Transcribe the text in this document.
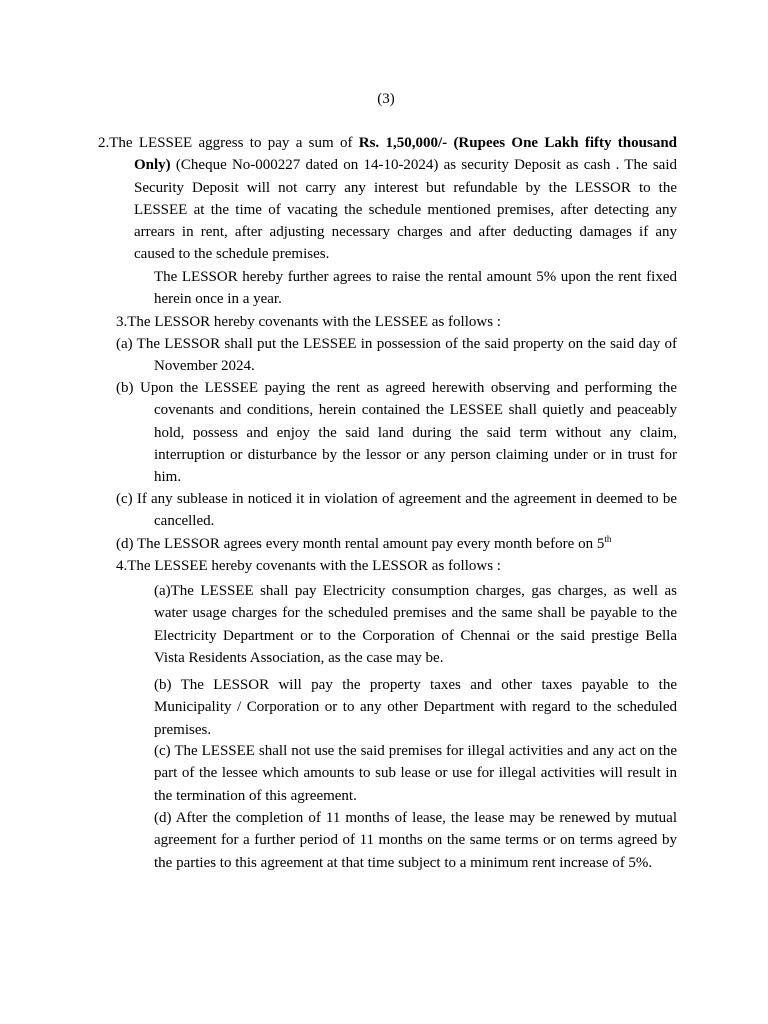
(3)

2.The LESSEE aggress to pay a sum of Rs. 1,50,000/- (Rupees One Lakh fifty thousand Only) (Cheque No-000227 dated on 14-10-2024) as security Deposit as cash . The said Security Deposit will not carry any interest but refundable by the LESSOR to the LESSEE at the time of vacating the schedule mentioned premises, after detecting any arrears in rent, after adjusting necessary charges and after deducting damages if any caused to the schedule premises.

The LESSOR hereby further agrees to raise the rental amount 5% upon the rent fixed herein once in a year.

3.The LESSOR hereby covenants with the LESSEE as follows :

(a) The LESSOR shall put the LESSEE in possession of the said property on the said day of November 2024.

(b) Upon the LESSEE paying the rent as agreed herewith observing and performing the covenants and conditions, herein contained the LESSEE shall quietly and peaceably hold, possess and enjoy the said land during the said term without any claim, interruption or disturbance by the lessor or any person claiming under or in trust for him.

(c) If any sublease in noticed it in violation of agreement and the agreement in deemed to be cancelled.

(d) The LESSOR agrees every month rental amount pay every month before on 5th

4.The LESSEE hereby covenants with the LESSOR as follows :

(a)The LESSEE shall pay Electricity consumption charges, gas charges, as well as water usage charges for the scheduled premises and the same shall be payable to the Electricity Department or to the Corporation of Chennai or the said prestige Bella Vista Residents Association, as the case may be.

(b) The LESSOR will pay the property taxes and other taxes payable to the Municipality / Corporation or to any other Department with regard to the scheduled premises.

(c) The LESSEE shall not use the said premises for illegal activities and any act on the part of the lessee which amounts to sub lease or use for illegal activities will result in the termination of this agreement.

(d) After the completion of 11 months of lease, the lease may be renewed by mutual agreement for a further period of 11 months on the same terms or on terms agreed by the parties to this agreement at that time subject to a minimum rent increase of 5%.
